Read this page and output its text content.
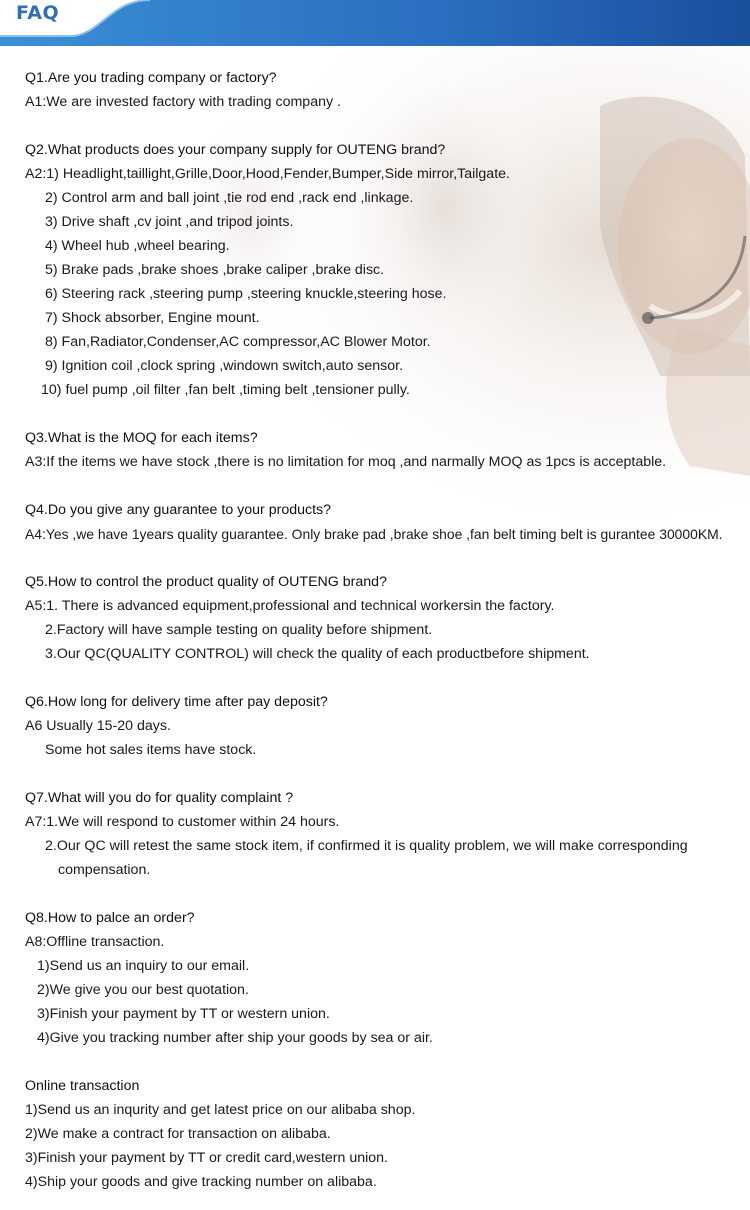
FAQ
Q1.Are you trading company or factory?
A1:We are invested factory with trading company .
Q2.What products does your company supply for OUTENG brand?
A2:1) Headlight,taillight,Grille,Door,Hood,Fender,Bumper,Side mirror,Tailgate.
2) Control arm and ball joint ,tie rod end ,rack end ,linkage.
3) Drive shaft ,cv joint ,and tripod joints.
4) Wheel hub ,wheel bearing.
5) Brake pads ,brake shoes ,brake caliper ,brake disc.
6) Steering rack ,steering pump ,steering knuckle,steering hose.
7) Shock absorber, Engine mount.
8) Fan,Radiator,Condenser,AC compressor,AC Blower Motor.
9) Ignition coil ,clock spring ,windown switch,auto sensor.
10) fuel pump ,oil filter ,fan belt ,timing belt ,tensioner pully.
Q3.What is the MOQ for each items?
A3:If the items we have stock ,there is no limitation for moq ,and narmally MOQ as 1pcs is acceptable.
Q4.Do you give any guarantee to your products?
A4:Yes ,we have 1years quality guarantee. Only brake pad ,brake shoe ,fan belt timing belt is gurantee 30000KM.
Q5.How to control the product quality of OUTENG brand?
A5:1. There is advanced equipment,professional and technical workersin the factory.
2.Factory will have sample testing on quality before shipment.
3.Our QC(QUALITY CONTROL) will check the quality of each productbefore shipment.
Q6.How long for delivery time after pay deposit?
A6 Usually 15-20 days.
Some hot sales items have stock.
Q7.What will you do for quality complaint ?
A7:1.We will respond to customer within 24 hours.
2.Our QC will retest the same stock item, if confirmed it is quality problem, we will make corresponding compensation.
Q8.How to palce an order?
A8:Offline transaction.
1)Send us an inquiry to our email.
2)We give you our best quotation.
3)Finish your payment by TT or western union.
4)Give you tracking number after ship your goods by sea or air.
Online transaction
1)Send us an inqurity and get latest price on our alibaba shop.
2)We make a contract for transaction on alibaba.
3)Finish your payment by TT or credit card,western union.
4)Ship your goods and give tracking number on alibaba.
